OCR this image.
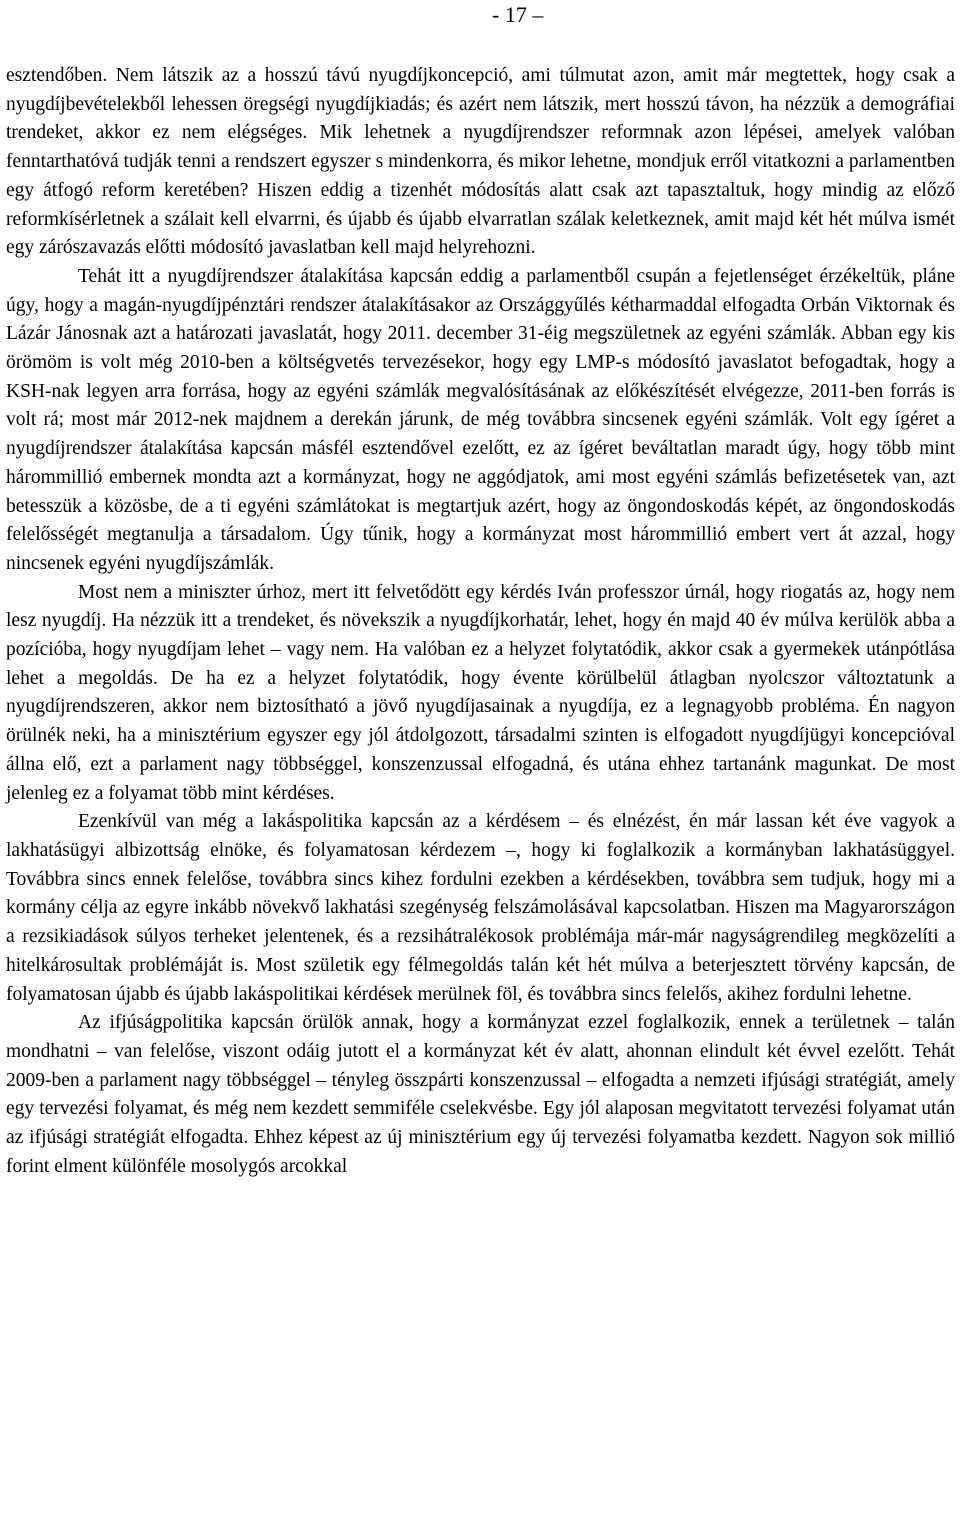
- 17 –

esztendőben. Nem látszik az a hosszú távú nyugdíjkoncepció, ami túlmutat azon, amit már megtettek, hogy csak a nyugdíjbevételekből lehessen öregségi nyugdíjkiadás; és azért nem látszik, mert hosszú távon, ha nézzük a demográfiai trendeket, akkor ez nem elégséges. Mik lehetnek a nyugdíjrendszer reformnak azon lépései, amelyek valóban fenntarthatóvá tudják tenni a rendszert egyszer s mindenkorra, és mikor lehetne, mondjuk erről vitatkozni a parlamentben egy átfogó reform keretében? Hiszen eddig a tizenhét módosítás alatt csak azt tapasztaltuk, hogy mindig az előző reformkísérletnek a szálait kell elvarrni, és újabb és újabb elvarratlan szálak keletkeznek, amit majd két hét múlva ismét egy zárószavazás előtti módosító javaslatban kell majd helyrehozni.

Tehát itt a nyugdíjrendszer átalakítása kapcsán eddig a parlamentből csupán a fejetlenséget érzékeltük, pláne úgy, hogy a magán-nyugdíjpénztári rendszer átalakításakor az Országgyűlés kétharmaddal elfogadta Orbán Viktornak és Lázár Jánosnak azt a határozati javaslatát, hogy 2011. december 31-éig megszületnek az egyéni számlák. Abban egy kis örömöm is volt még 2010-ben a költségvetés tervezésekor, hogy egy LMP-s módosító javaslatot befogadtak, hogy a KSH-nak legyen arra forrása, hogy az egyéni számlák megvalósításának az előkészítését elvégezze, 2011-ben forrás is volt rá; most már 2012-nek majdnem a derekán járunk, de még továbbra sincsenek egyéni számlák. Volt egy ígéret a nyugdíjrendszer átalakítása kapcsán másfél esztendővel ezelőtt, ez az ígéret beváltatlan maradt úgy, hogy több mint hárommillió embernek mondta azt a kormányzat, hogy ne aggódjatok, ami most egyéni számlás befizetésetek van, azt betesszük a közösbe, de a ti egyéni számlátokat is megtartjuk azért, hogy az öngondoskodás képét, az öngondoskodás felelősségét megtanulja a társadalom. Úgy tűnik, hogy a kormányzat most hárommillió embert vert át azzal, hogy nincsenek egyéni nyugdíjszámlák.

Most nem a miniszter úrhoz, mert itt felvetődött egy kérdés Iván professzor úrnál, hogy riogatás az, hogy nem lesz nyugdíj. Ha nézzük itt a trendeket, és növekszik a nyugdíjkorhatár, lehet, hogy én majd 40 év múlva kerülök abba a pozícióba, hogy nyugdíjam lehet – vagy nem. Ha valóban ez a helyzet folytatódik, akkor csak a gyermekek utánpótlása lehet a megoldás. De ha ez a helyzet folytatódik, hogy évente körülbelül átlagban nyolcszor változtatunk a nyugdíjrendszeren, akkor nem biztosítható a jövő nyugdíjasainak a nyugdíja, ez a legnagyobb probléma. Én nagyon örülnék neki, ha a minisztérium egyszer egy jól átdolgozott, társadalmi szinten is elfogadott nyugdíjügyi koncepcióval állna elő, ezt a parlament nagy többséggel, konszenzussal elfogadná, és utána ehhez tartanánk magunkat. De most jelenleg ez a folyamat több mint kérdéses.

Ezenkívül van még a lakáspolitika kapcsán az a kérdésem – és elnézést, én már lassan két éve vagyok a lakhatásügyi albizottság elnöke, és folyamatosan kérdezem –, hogy ki foglalkozik a kormányban lakhatásüggyel. Továbbra sincs ennek felelőse, továbbra sincs kihez fordulni ezekben a kérdésekben, továbbra sem tudjuk, hogy mi a kormány célja az egyre inkább növekvő lakhatási szegénység felszámolásával kapcsolatban. Hiszen ma Magyarországon a rezsikiadások súlyos terheket jelentenek, és a rezsihátralékosok problémája már-már nagyságrendileg megközelíti a hitelkárosultak problémáját is. Most születik egy félmegoldás talán két hét múlva a beterjesztett törvény kapcsán, de folyamatosan újabb és újabb lakáspolitikai kérdések merülnek föl, és továbbra sincs felelős, akihez fordulni lehetne.

Az ifjúságpolitika kapcsán örülök annak, hogy a kormányzat ezzel foglalkozik, ennek a területnek – talán mondhatni – van felelőse, viszont odáig jutott el a kormányzat két év alatt, ahonnan elindult két évvel ezelőtt. Tehát 2009-ben a parlament nagy többséggel – tényleg összpárti konszenzussal – elfogadta a nemzeti ifjúsági stratégiát, amely egy tervezési folyamat, és még nem kezdett semmiféle cselekvésbe. Egy jól alaposan megvitatott tervezési folyamat után az ifjúsági stratégiát elfogadta. Ehhez képest az új minisztérium egy új tervezési folyamatba kezdett. Nagyon sok millió forint elment különféle mosolygós arcokkal
